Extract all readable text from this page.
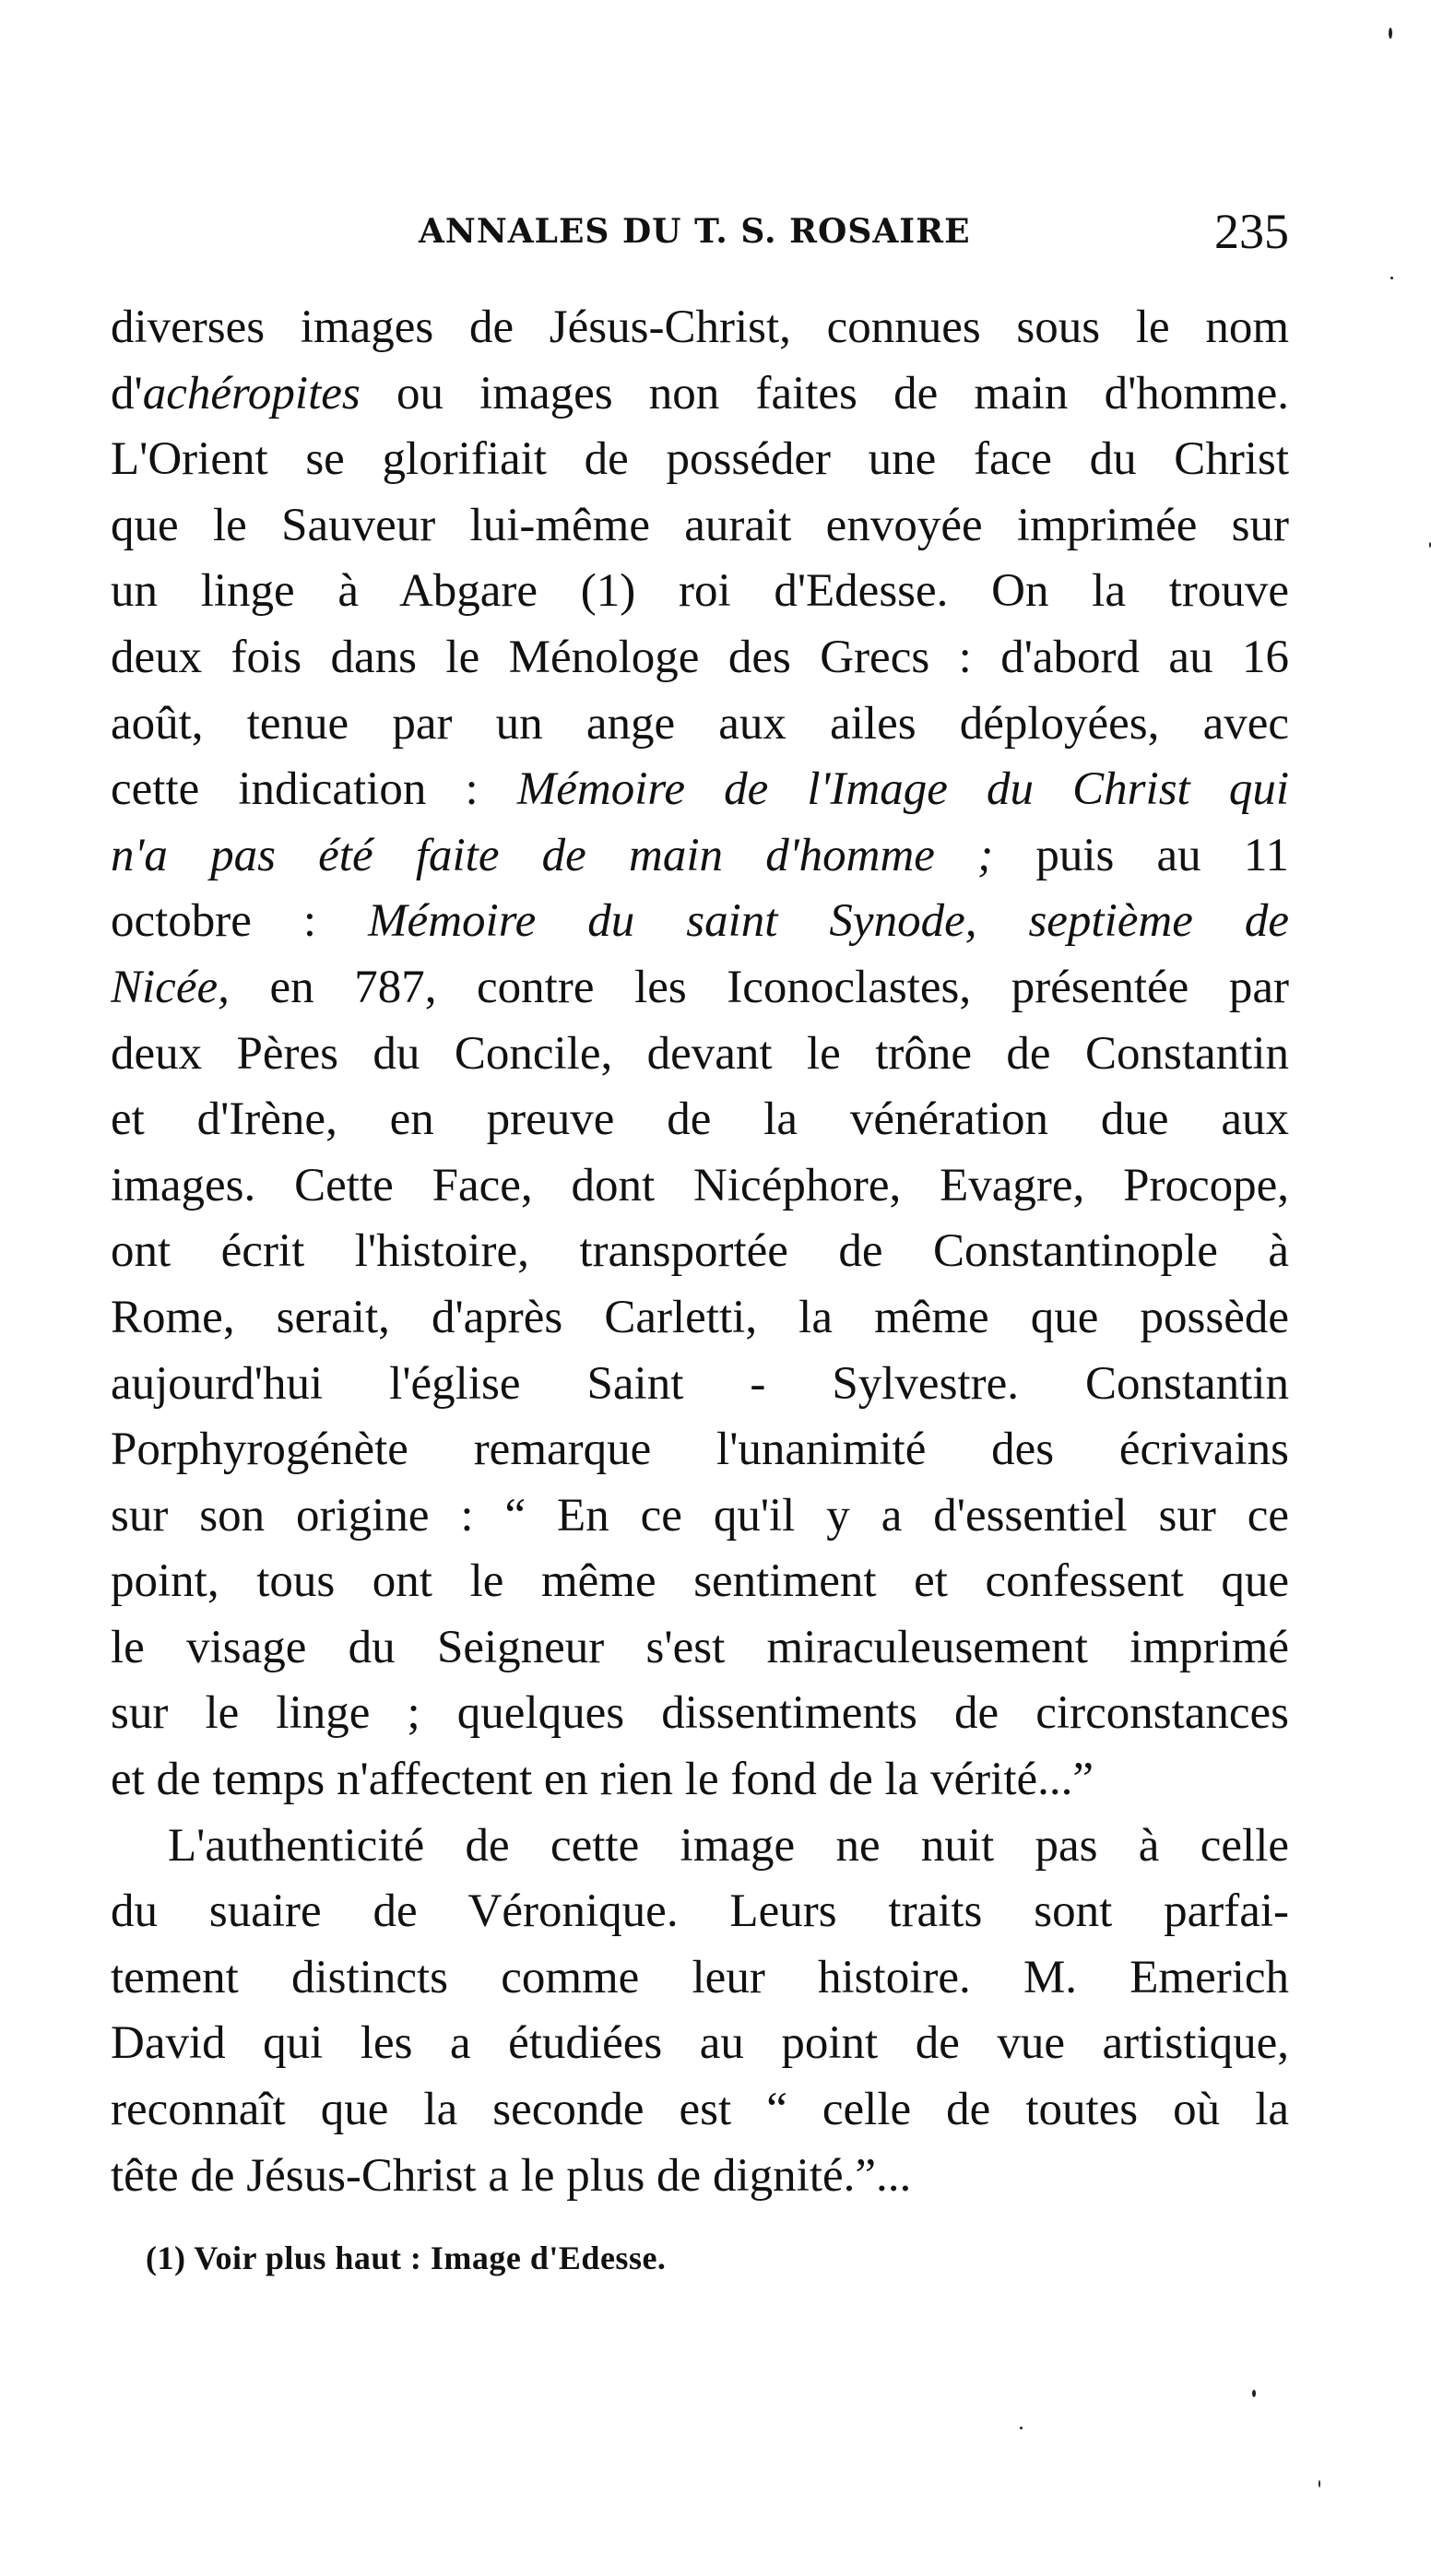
ANNALES DU T. S. ROSAIRE	235
diverses images de Jésus-Christ, connues sous le nom
d'achéropites ou images non faites de main d'homme.
L'Orient se glorifiait de posséder une face du Christ
que le Sauveur lui-même aurait envoyée imprimée sur
un linge à Abgare (1) roi d'Edesse. On la trouve
deux fois dans le Ménologe des Grecs : d'abord au 16
août, tenue par un ange aux ailes déployées, avec
cette indication : Mémoire de l'Image du Christ qui
n'a pas été faite de main d'homme ; puis au 11
octobre : Mémoire du saint Synode, septième de
Nicée, en 787, contre les Iconoclastes, présentée par
deux Pères du Concile, devant le trône de Constantin
et d'Irène, en preuve de la vénération due aux
images. Cette Face, dont Nicéphore, Evagre, Procope,
ont écrit l'histoire, transportée de Constantinople à
Rome, serait, d'après Carletti, la même que possède
aujourd'hui l'église Saint - Sylvestre. Constantin
Porphyrogénète remarque l'unanimité des écrivains
sur son origine : “ En ce qu'il y a d'essentiel sur ce
point, tous ont le même sentiment et confessent que
le visage du Seigneur s'est miraculeusement imprimé
sur le linge ; quelques dissentiments de circonstances
et de temps n'affectent en rien le fond de la vérité...”
L'authenticité de cette image ne nuit pas à celle
du suaire de Véronique. Leurs traits sont parfai-
tement distincts comme leur histoire. M. Emerich
David qui les a étudiées au point de vue artistique,
reconnaît que la seconde est “ celle de toutes où la
tête de Jésus-Christ a le plus de dignité.”...
(1) Voir plus haut : Image d'Edesse.
